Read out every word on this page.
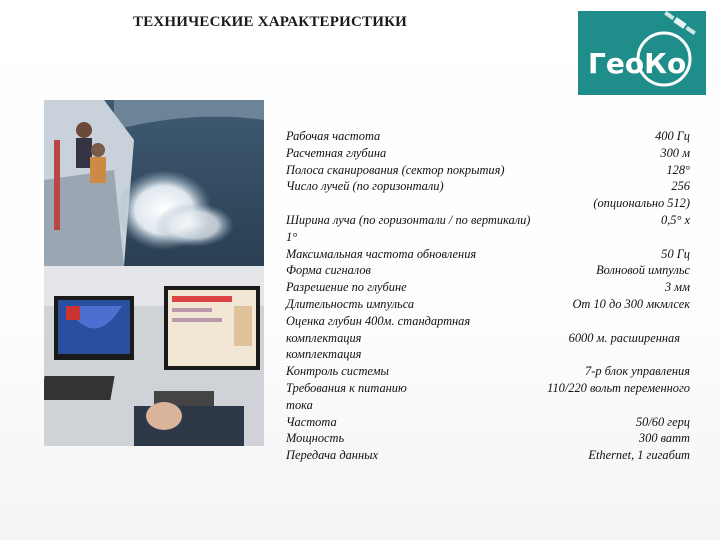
ТЕХНИЧЕСКИЕ ХАРАКТЕРИСТИКИ
ГеоКо
Рабочая частота	400 Гц
Расчетная глубина	300 м
Полоса сканирования (сектор покрытия)	128°
Число лучей (по горизонтали)	256
(опционально 512)
Ширина луча (по горизонтали / по вертикали)	0,5° х
1°
Максимальная частота обновления	50 Гц
Форма сигналов	Волновой импульс
Разрешение по глубине	3 мм
Длительность импульса	От 10 до 300 мкмлсек
Оценка глубин 400м. стандартная
комплектация	6000 м. расширенная
комплектация
Контроль системы	7-р блок управления
Требования к питанию	110/220 вольт переменного
тока
Частота	50/60 герц
Мощность	300 ватт
Передача данных	Ethernet, 1 гигабит
